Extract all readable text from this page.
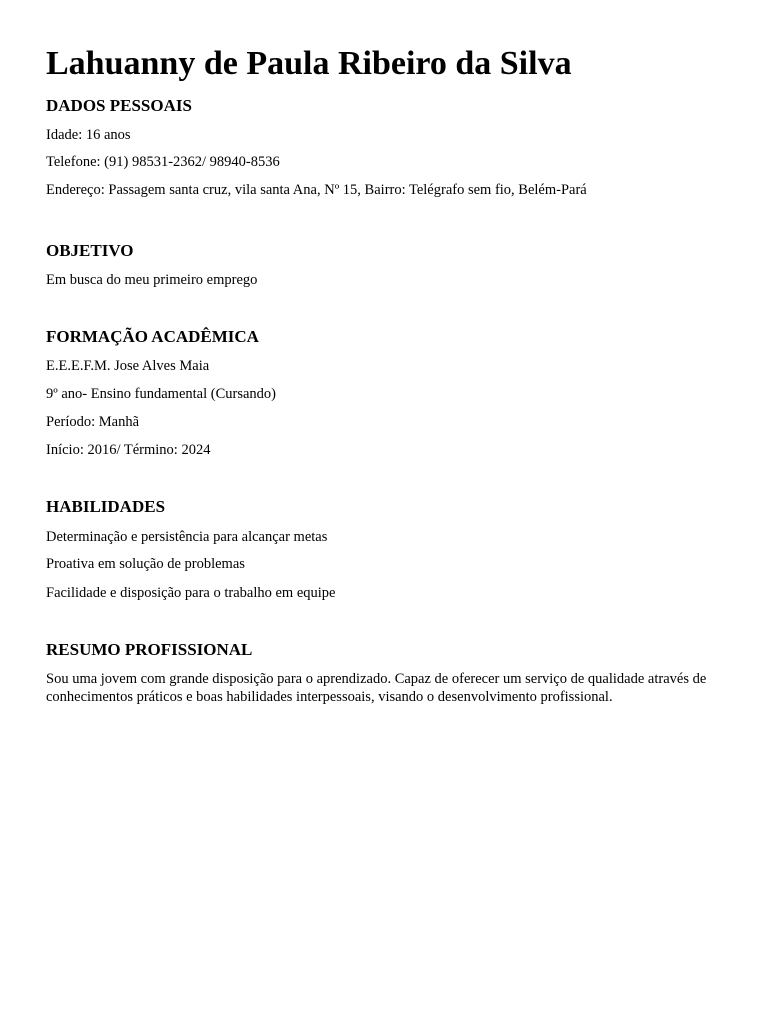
Lahuanny de Paula Ribeiro da Silva
DADOS PESSOAIS

Idade: 16 anos

Telefone: (91) 98531-2362/ 98940-8536

Endereço: Passagem santa cruz, vila santa Ana, Nº 15, Bairro: Telégrafo sem fio, Belém-Pará

OBJETIVO

Em busca do meu primeiro emprego

FORMAÇÃO ACADÊMICA

E.E.E.F.M. Jose Alves Maia

9º ano- Ensino fundamental (Cursando)

Período: Manhã

Início: 2016/ Término: 2024

HABILIDADES

Determinação e persistência para alcançar metas

Proativa em solução de problemas

Facilidade e disposição para o trabalho em equipe

RESUMO PROFISSIONAL

Sou uma jovem com grande disposição para o aprendizado. Capaz de oferecer um serviço de qualidade através de conhecimentos práticos e boas habilidades interpessoais, visando o desenvolvimento profissional.
